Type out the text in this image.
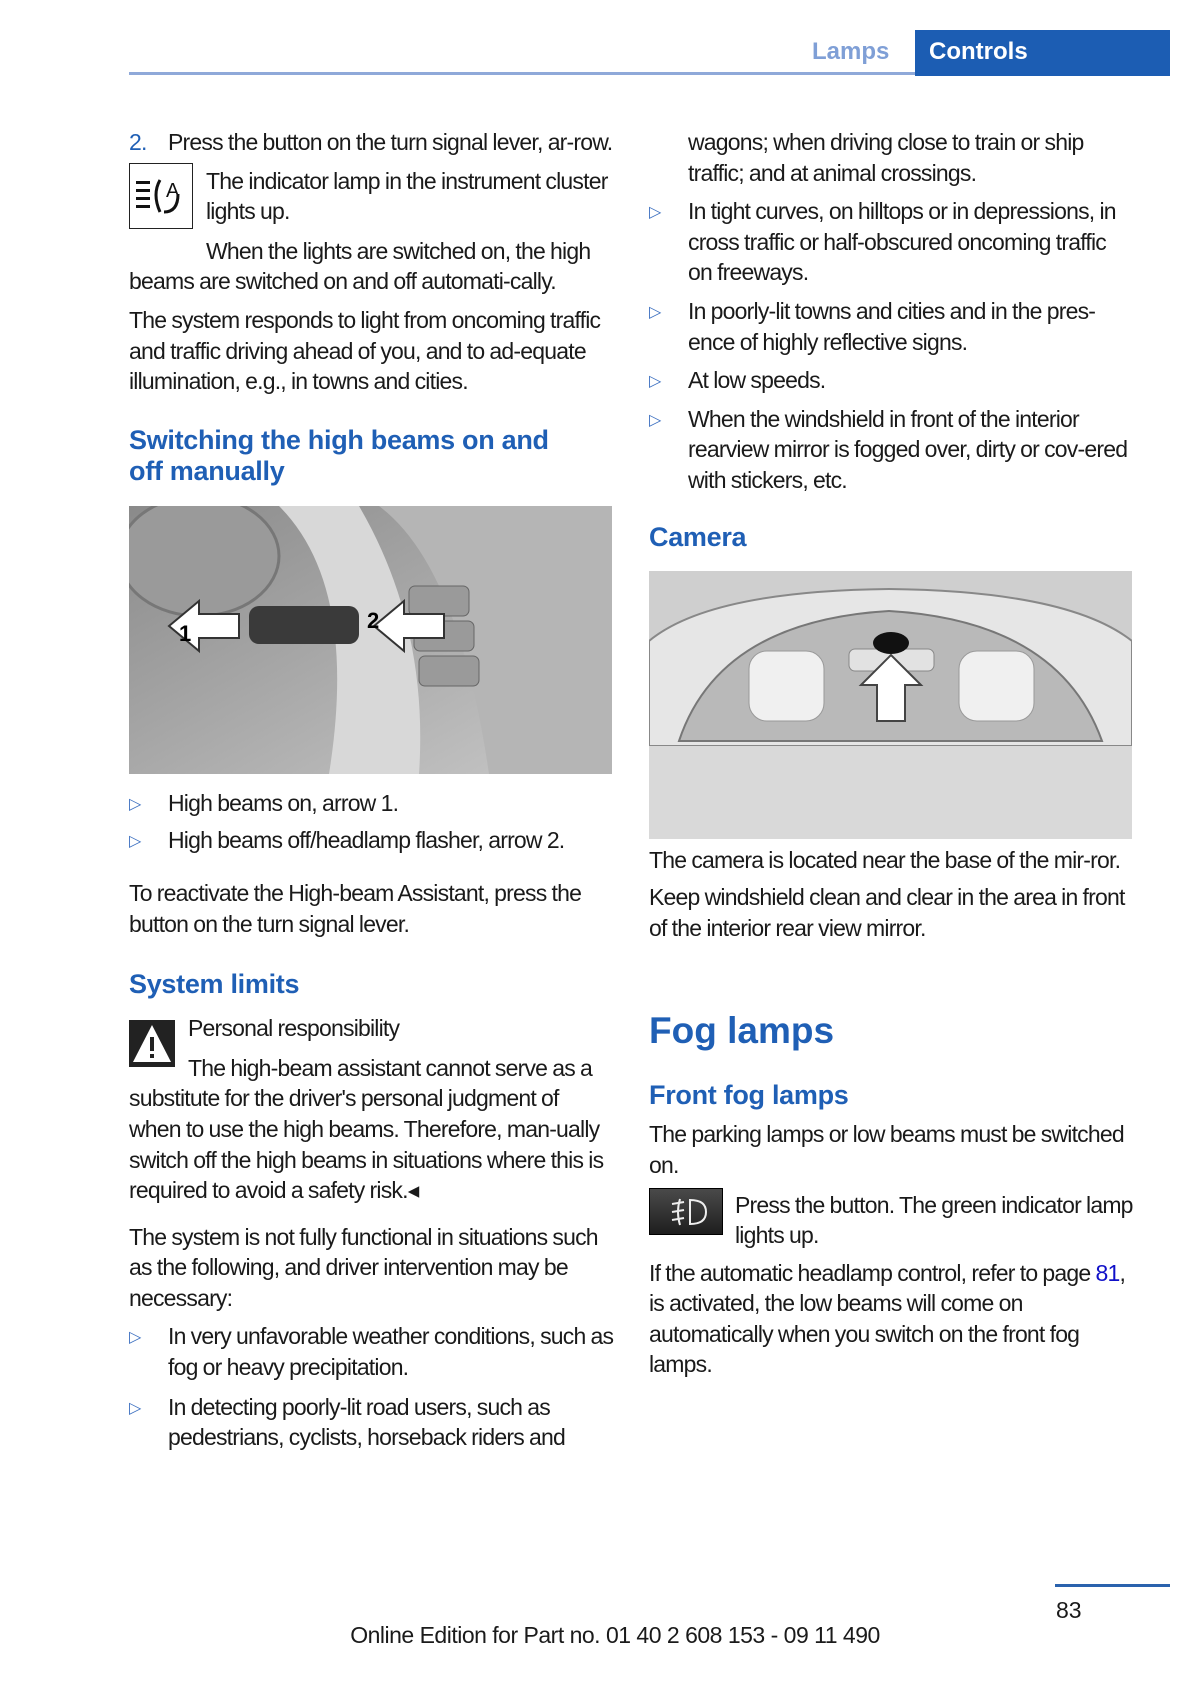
Lamps Controls
2. Press the button on the turn signal lever, ar-row.
A The indicator lamp in the instrument cluster lights up.
When the lights are switched on, the high beams are switched on and off automati-cally.
The system responds to light from oncoming traffic and traffic driving ahead of you, and to ad-equate illumination, e.g., in towns and cities.
Switching the high beams on and off manually
1
2
▷ High beams on, arrow 1.
▷ High beams off/headlamp flasher, arrow 2.
To reactivate the High-beam Assistant, press the button on the turn signal lever.
System limits
Personal responsibility
The high-beam assistant cannot serve as a substitute for the driver's personal judgment of when to use the high beams. Therefore, man-ually switch off the high beams in situations where this is required to avoid a safety risk.◂
The system is not fully functional in situations such as the following, and driver intervention may be necessary:
▷ In very unfavorable weather conditions, such as fog or heavy precipitation.
▷ In detecting poorly-lit road users, such as pedestrians, cyclists, horseback riders and
wagons; when driving close to train or ship traffic; and at animal crossings.
▷ In tight curves, on hilltops or in depressions, in cross traffic or half-obscured oncoming traffic on freeways.
▷ In poorly-lit towns and cities and in the pres-ence of highly reflective signs.
▷ At low speeds.
▷ When the windshield in front of the interior rearview mirror is fogged over, dirty or cov-ered with stickers, etc.
Camera
The camera is located near the base of the mir-ror.
Keep windshield clean and clear in the area in front of the interior rear view mirror.
Fog lamps
Front fog lamps
The parking lamps or low beams must be switched on.
Press the button. The green indicator lamp lights up.
If the automatic headlamp control, refer to page 81, is activated, the low beams will come on automatically when you switch on the front fog lamps.
83
Online Edition for Part no. 01 40 2 608 153 - 09 11 490
